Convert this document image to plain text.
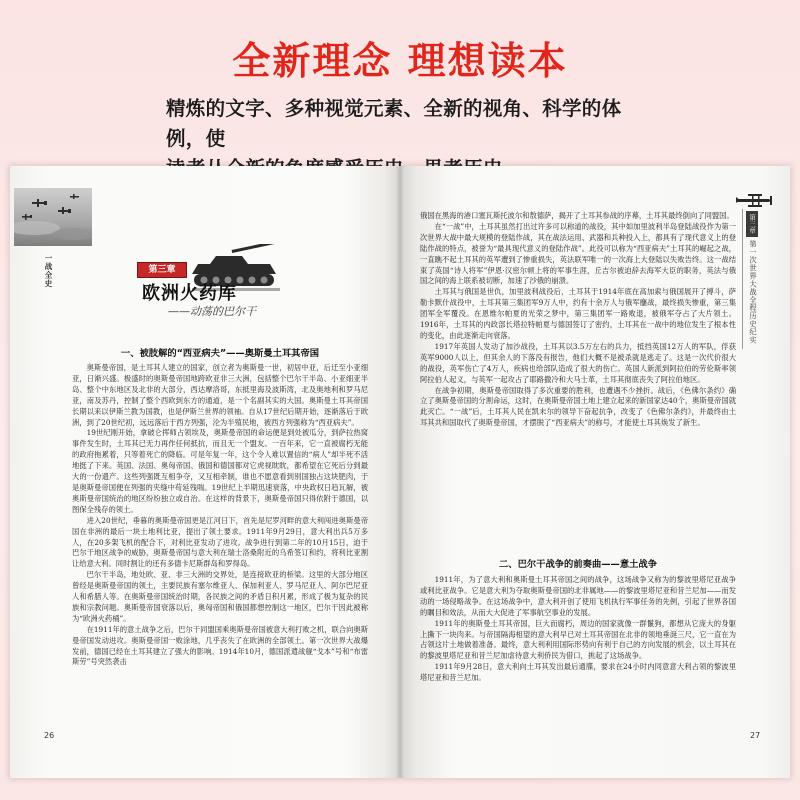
全新理念 理想读本
精炼的文字、多种视觉元素、全新的视角、科学的体例，使
一战全史	第三章
欧洲火药库
——动荡的巴尔干
一、被肢解的“西亚病夫”——奥斯曼土耳其帝国

奥斯曼帝国，是土耳其人建立的国家，创立者为奥斯曼一世，初居中亚，后迁至小亚细亚，日渐兴盛。极盛时的奥斯曼帝国地跨欧亚非三大洲，包括整个巴尔干半岛、小亚细亚半岛、整个中东地区及北非的大部分，西达摩洛哥，东抵里海及波斯湾，北及奥地利和罗马尼亚，南及苏丹，控制了整个西欧到东方的通道，是一个名副其实的大国。奥斯曼土耳其帝国长期以来以伊斯兰教为国教，也是伊斯兰世界的领袖。自从17世纪后期开始，逐渐落后于欧洲，到了20世纪初，远远落后于西方列强，沦为半殖民地，被西方列强称为“西亚病夫”。

19世纪刚开始，拿破仑挥师占领埃及，奥斯曼帝国的命运便是到处被瓜分，到萨拉热窝事件发生时，土耳其已无力再作任何抵抗，而且无一个盟友。一百年来，它一直被腐朽无能的政府拖累着，只等着死亡的降临。可是年复一年，这个令人难以置信的“病人”却半死不活地挺了下来。英国、法国、奥匈帝国、俄国和德国都对它虎视眈眈，都希望在它死后分到最大的一份遗产。这些列强既互相争夺，又互相牵制，谁也不愿意看到别国独占这块肥肉，于是奥斯曼帝国便在列强的夹缝中苟延残喘。19世纪上半期迅速衰落，中央政权日趋瓦解，被奥斯曼帝国统治的地区纷纷独立或自治。在这样的背景下，奥斯曼帝国只得依附于德国，以图保全残存的领土。

进入20世纪，垂暮的奥斯曼帝国更是江河日下，首先是尼罗河畔的意大利闯进奥斯曼帝国在非洲的最后一块土地利比亚，提出了领土要求。1911年9月29日，意大利出兵5万多人，在20多架飞机的配合下，对利比亚发动了进攻。战争进行到第二年的10月15日，迫于巴尔干地区战争的威胁，奥斯曼帝国与意大利在瑞士洛桑附近的乌希签订和约，将利比亚割让给意大利。同时割让的还有多德卡尼斯群岛和罗得岛。

巴尔干半岛，地处欧、亚、非三大洲的交界处，是连接欧亚的桥梁。这里的大部分地区曾经是奥斯曼帝国的领土，主要民族有塞尔维亚人、保加利亚人、罗马尼亚人、阿尔巴尼亚人和希腊人等。在奥斯曼帝国统治时期，各民族之间的矛盾日积月累，形成了极为复杂的民族和宗教问题。奥斯曼帝国衰落以后，奥匈帝国和俄国都想控制这一地区，巴尔干因此被称为“欧洲火药桶”。

在1911年的意土战争之后，巴尔干同盟国乘奥斯曼帝国被意大利打败之机，联合向奥斯曼帝国发动进攻。奥斯曼帝国一败涂地，几乎丧失了在欧洲的全部领土。第一次世界大战爆发前，德国已经在土耳其建立了强大的影响。1914年10月，德国派遣战舰“戈本”号和“布雷斯劳”号突然袭击

26
第三章
第一次世界大战全程历史纪实

俄国在黑海的港口塞瓦斯托波尔和敖德萨，揭开了土耳其参战的序幕，土耳其最终倒向了同盟国。

在“一战”中，土耳其虽然打出过许多可以称道的战役，其中如加里波利半岛登陆战役作为第一次世界大战中最大规模的登陆作战，其在战法运用、武器和兵种投入上，都具有了现代意义上的登陆作战的特点，被誉为“最具现代意义的登陆作战”。此役可以称为“西亚病夫”土耳其的崛起之战，一直瞧不起土耳其的英军遭到了惨重损失，英法联军唯一的一次海上大登陆以失败告终。这一战结束了英国“诗人将军”伊恩·汉密尔顿上将的军事生涯，丘吉尔被迫辞去海军大臣的职务，英法与俄国之间的海上联系被切断，加速了沙俄的崩溃。

土耳其与俄国是世仇，加里波利战役后，土耳其于1914年底在高加索与俄国展开了搏斗，萨勒卡默什战役中，土耳其第三集团军9万人中，约有十余万人与俄军鏖战，最终损失惨重，第三集团军全军覆没。在恩维尔帕夏的光荣之梦中，第三集团军一路败退，被俄军夺占了大片领土。1916年，土耳其的内政部长塔拉特帕夏与德国签订了密约，土耳其在一战中的地位发生了根本性的变化，由此逐渐走向衰落。

1917年英国人发动了加沙战役，土耳其以3.5万左右的兵力，抵挡英国12万人的军队，俘获英军9000人以上，但其余人的下落没有报告，他们大概不是被杀就是逃走了。这是一次代价很大的战役，英军伤亡了4万人，疾病也给部队造成了很大的伤亡。英国人新派到阿拉伯的劳伦斯率领阿拉伯人起义，与英军一起攻占了耶路撒冷和大马士革，土耳其彻底丧失了阿拉伯地区。

在战争初期，奥斯曼帝国取得了多次重要的胜利，也遭遇不少挫折。战后，《色佛尔条约》确立了奥斯曼帝国的分割命运，这时，在奥斯曼帝国土地上建立起来的新国家达40个，奥斯曼帝国就此灭亡。“一战”后，土耳其人民在凯末尔的领导下奋起抗争，改变了《色佛尔条约》，并最终由土耳其共和国取代了奥斯曼帝国，才摆脱了“西亚病夫”的称号，才能使土耳其焕发了新生。

二、巴尔干战争的前奏曲——意土战争

1911年，为了意大利和奥斯曼土耳其帝国之间的战争，这场战争又称为的黎波里塔尼亚战争或利比亚战争。它是意大利为夺取奥斯曼帝国的北非属地——的黎波里塔尼亚和昔兰尼加——而发动的一场侵略战争。在这场战争中，意大利开创了使用飞机执行军事任务的先例，引起了世界各国的瞩目和效法，从而大大促进了军事航空事业的发展。

1911年的奥斯曼土耳其帝国，巨大而腐朽，周边的国家就像一群鬣狗，都想从它庞大的身躯上撕下一块肉来。与帝国隔海相望的意大利早已对土耳其帝国在北非的领地垂涎三尺，它一直在为占领这片土地做着准备。最终，意大利利用国际形势向有利于自己的方向发展的机会，以土耳其在的黎波里塔尼亚和昔兰尼加虐待意大利侨民为借口，挑起了这场战争。

1911年9月28日，意大利向土耳其发出最后通牒，要求在24小时内同意意大利占领的黎波里塔尼亚和昔兰尼加。

27
